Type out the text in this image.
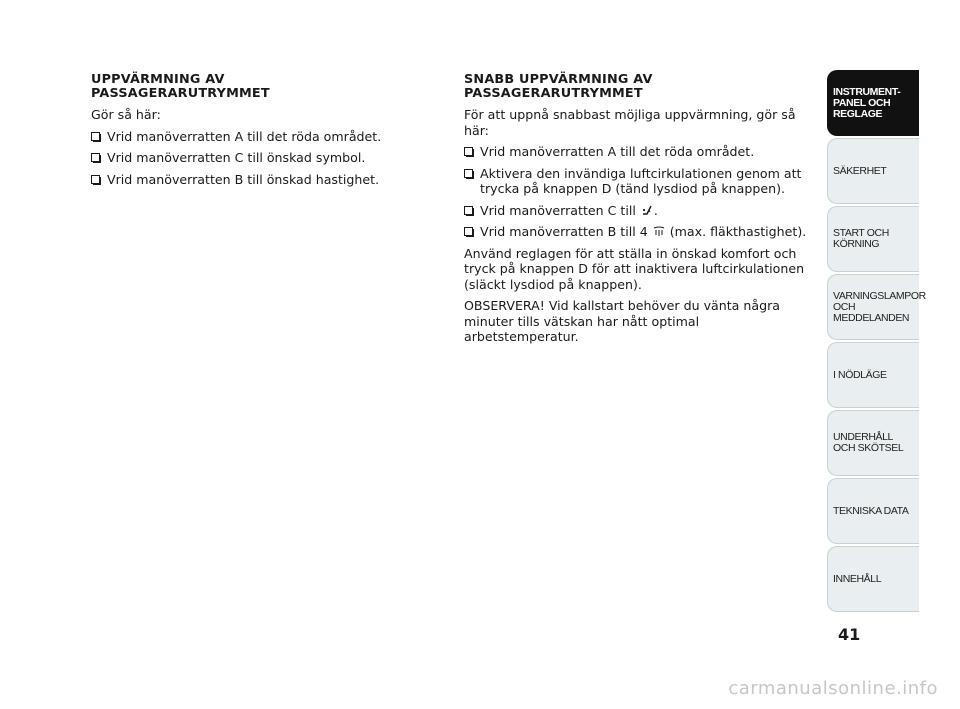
UPPVÄRMNING AV
PASSAGERARUTRYMMET
Gör så här:
Vrid manöverratten A till det röda området.
Vrid manöverratten C till önskad symbol.
Vrid manöverratten B till önskad hastighet.
SNABB UPPVÄRMNING AV
PASSAGERARUTRYMMET
För att uppnå snabbast möjliga uppvärmning, gör så här:
Vrid manöverratten A till det röda området.
Aktivera den invändiga luftcirkulationen genom att trycka på knappen D (tänd lysdiod på knappen).
Vrid manöverratten C till .
Vrid manöverratten B till 4 (max. fläkthastighet).
Använd reglagen för att ställa in önskad komfort och tryck på knappen D för att inaktivera luftcirkulationen (släckt lysdiod på knappen).
OBSERVERA! Vid kallstart behöver du vänta några minuter tills vätskan har nått optimal arbetstemperatur.
INSTRUMENT-
PANEL OCH
REGLAGE
SÄKERHET
START OCH
KÖRNING
VARNINGSLAMPOR
OCH
MEDDELANDEN
I NÖDLÄGE
UNDERHÅLL
OCH SKÖTSEL
TEKNISKA DATA
INNEHÅLL
41
carmanualsonline.info
